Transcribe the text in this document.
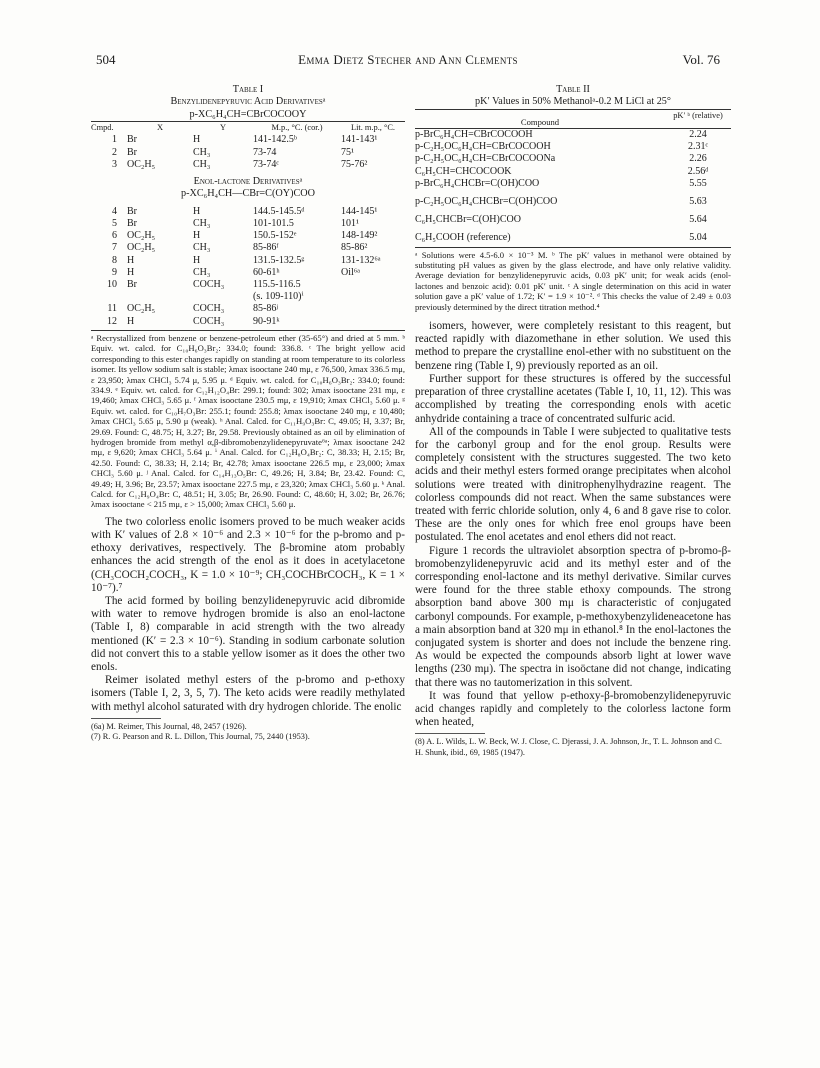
504	Emma Dietz Stecher and Ann Clements	Vol. 76
Table I
Benzylidenepyruvic Acid Derivativesᵃ
p-XC₆H₄CH=CBrCOCOOY
Cmpd.	X	Y	M.p., °C. (cor.)	Lit. m.p., °C.
1	Br	H	141-142.5ᵇ	141-143¹
2	Br	CH₃	73-74	75¹
3	OC₂H₅	CH₃	73-74ᶜ	75-76²
Enol-lactone Derivativesᵃ
p-XC₆H₄CH—CBr=C(OY)COO
4	Br	H	144.5-145.5ᵈ	144-145¹
5	Br	CH₃	101-101.5	101¹
6	OC₂H₅	H	150.5-152ᵉ	148-149²
7	OC₂H₅	CH₃	85-86ᶠ	85-86²
8	H	H	131.5-132.5ᵍ	131-132⁶ᵃ
9	H	CH₃	60-61ʰ	Oil⁶ᵃ
10	Br	COCH₃	115.5-116.5	
			(s. 109-110)ⁱ	
11	OC₂H₅	COCH₃	85-86ʲ	
12	H	COCH₃	90-91ᵏ	
ᵃ Recrystallized from benzene or benzene-petroleum ether (35-65°) and dried at 5 mm. ᵇ Equiv. wt. calcd. for C₁₀H₆O₃Br₂: 334.0; found: 336.8. ᶜ The bright yellow acid corresponding to this ester changes rapidly on standing at room temperature to its colorless isomer. Its yellow sodium salt is stable; λmax isooctane 240 mμ, ε 76,500, λmax 336.5 mμ, ε 23,950; λmax CHCl₃ 5.74 μ, 5.95 μ. ᵈ Equiv. wt. calcd. for C₁₀H₆O₃Br₂: 334.0; found: 334.9. ᵉ Equiv. wt. calcd. for C₁₂H₁₂O₄Br: 299.1; found: 302; λmax isooctane 231 mμ, ε 19,460; λmax CHCl₃ 5.65 μ. ᶠ λmax isooctane 230.5 mμ, ε 19,910; λmax CHCl₃ 5.60 μ. ᵍ Equiv. wt. calcd. for C₁₀H₇O₃Br: 255.1; found: 255.8; λmax isooctane 240 mμ, ε 10,480; λmax CHCl₃ 5.65 μ, 5.90 μ (weak). ʰ Anal. Calcd. for C₁₁H₉O₃Br: C, 49.05; H, 3.37; Br, 29.69. Found: C, 48.75; H, 3.27; Br, 29.58. Previously obtained as an oil by elimination of hydrogen bromide from methyl α,β-dibromobenzylidenepyruvate⁶ᵃ; λmax isooctane 242 mμ, ε 9,620; λmax CHCl₃ 5.64 μ. ⁱ Anal. Calcd. for C₁₂H₈O₄Br₂: C, 38.33; H, 2.15; Br, 42.50. Found: C, 38.33; H, 2.14; Br, 42.78; λmax isooctane 226.5 mμ, ε 23,000; λmax CHCl₃ 5.60 μ. ʲ Anal. Calcd. for C₁₄H₁₃O₅Br: C, 49.26; H, 3.84; Br, 23.42. Found: C, 49.49; H, 3.96; Br, 23.57; λmax isooctane 227.5 mμ, ε 23,320; λmax CHCl₃ 5.60 μ. ᵏ Anal. Calcd. for C₁₂H₉O₄Br: C, 48.51; H, 3.05; Br, 26.90. Found: C, 48.60; H, 3.02; Br, 26.76; λmax isooctane < 215 mμ, ε > 15,000; λmax CHCl₃ 5.60 μ.

The two colorless enolic isomers proved to be much weaker acids with K′ values of 2.8 × 10⁻⁶ and 2.3 × 10⁻⁶ for the p-bromo and p-ethoxy derivatives, respectively. The β-bromine atom probably enhances the acid strength of the enol as it does in acetylacetone (CH₃COCH₂COCH₃, K = 1.0 × 10⁻⁹; CH₃COCHBrCOCH₃, K = 1 × 10⁻⁷).⁷

The acid formed by boiling benzylidenepyruvic acid dibromide with water to remove hydrogen bromide is also an enol-lactone (Table I, 8) comparable in acid strength with the two already mentioned (K′ = 2.3 × 10⁻⁶). Standing in sodium carbonate solution did not convert this to a stable yellow isomer as it does the other two enols.

Reimer isolated methyl esters of the p-bromo and p-ethoxy isomers (Table I, 2, 3, 5, 7). The keto acids were readily methylated with methyl alcohol saturated with dry hydrogen chloride. The enolic

(6a) M. Reimer, This Journal, 48, 2457 (1926).
(7) R. G. Pearson and R. L. Dillon, This Journal, 75, 2440 (1953).
Table II
pK′ Values in 50% Methanolᵃ-0.2 M LiCl at 25°
Compound	pK′ ᵇ (relative)
p-BrC₆H₄CH=CBrCOCOOH	2.24
p-C₂H₅OC₆H₄CH=CBrCOCOOH	2.31ᶜ
p-C₂H₅OC₆H₄CH=CBrCOCOONa	2.26
C₆H₅CH=CHCOCOOK	2.56ᵈ
p-BrC₆H₄CHCBr=C(OH)COO	5.55
p-C₂H₅OC₆H₄CHCBr=C(OH)COO	5.63
C₆H₅CHCBr=C(OH)COO	5.64
C₆H₅COOH (reference)	5.04
ᵃ Solutions were 4.5-6.0 × 10⁻³ M. ᵇ The pK′ values in methanol were obtained by substituting pH values as given by the glass electrode, and have only relative validity. Average deviation for benzylidenepyruvic acids, 0.03 pK′ unit; for weak acids (enol-lactones and benzoic acid): 0.01 pK′ unit. ᶜ A single determination on this acid in water solution gave a pK′ value of 1.72; K′ = 1.9 × 10⁻². ᵈ This checks the value of 2.49 ± 0.03 previously determined by the direct titration method.⁴

isomers, however, were completely resistant to this reagent, but reacted rapidly with diazomethane in ether solution. We used this method to prepare the crystalline enol-ether with no substituent on the benzene ring (Table I, 9) previously reported as an oil.

Further support for these structures is offered by the successful preparation of three crystalline acetates (Table I, 10, 11, 12). This was accomplished by treating the corresponding enols with acetic anhydride containing a trace of concentrated sulfuric acid.

All of the compounds in Table I were subjected to qualitative tests for the carbonyl group and for the enol group. Results were completely consistent with the structures suggested. The two keto acids and their methyl esters formed orange precipitates when alcohol solutions were treated with dinitrophenylhydrazine reagent. The colorless compounds did not react. When the same substances were treated with ferric chloride solution, only 4, 6 and 8 gave rise to color. These are the only ones for which free enol groups have been postulated. The enol acetates and enol ethers did not react.

Figure 1 records the ultraviolet absorption spectra of p-bromo-β-bromobenzylidenepyruvic acid and its methyl ester and of the corresponding enol-lactone and its methyl derivative. Similar curves were found for the three stable ethoxy compounds. The strong absorption band above 300 mμ is characteristic of conjugated carbonyl compounds. For example, p-methoxybenzylideneacetone has a main absorption band at 320 mμ in ethanol.⁸ In the enol-lactones the conjugated system is shorter and does not include the benzene ring. As would be expected the compounds absorb light at lower wave lengths (230 mμ). The spectra in isoöctane did not change, indicating that there was no tautomerization in this solvent.

It was found that yellow p-ethoxy-β-bromobenzylidenepyruvic acid changes rapidly and completely to the colorless lactone form when heated,

(8) A. L. Wilds, L. W. Beck, W. J. Close, C. Djerassi, J. A. Johnson, Jr., T. L. Johnson and C. H. Shunk, ibid., 69, 1985 (1947).
